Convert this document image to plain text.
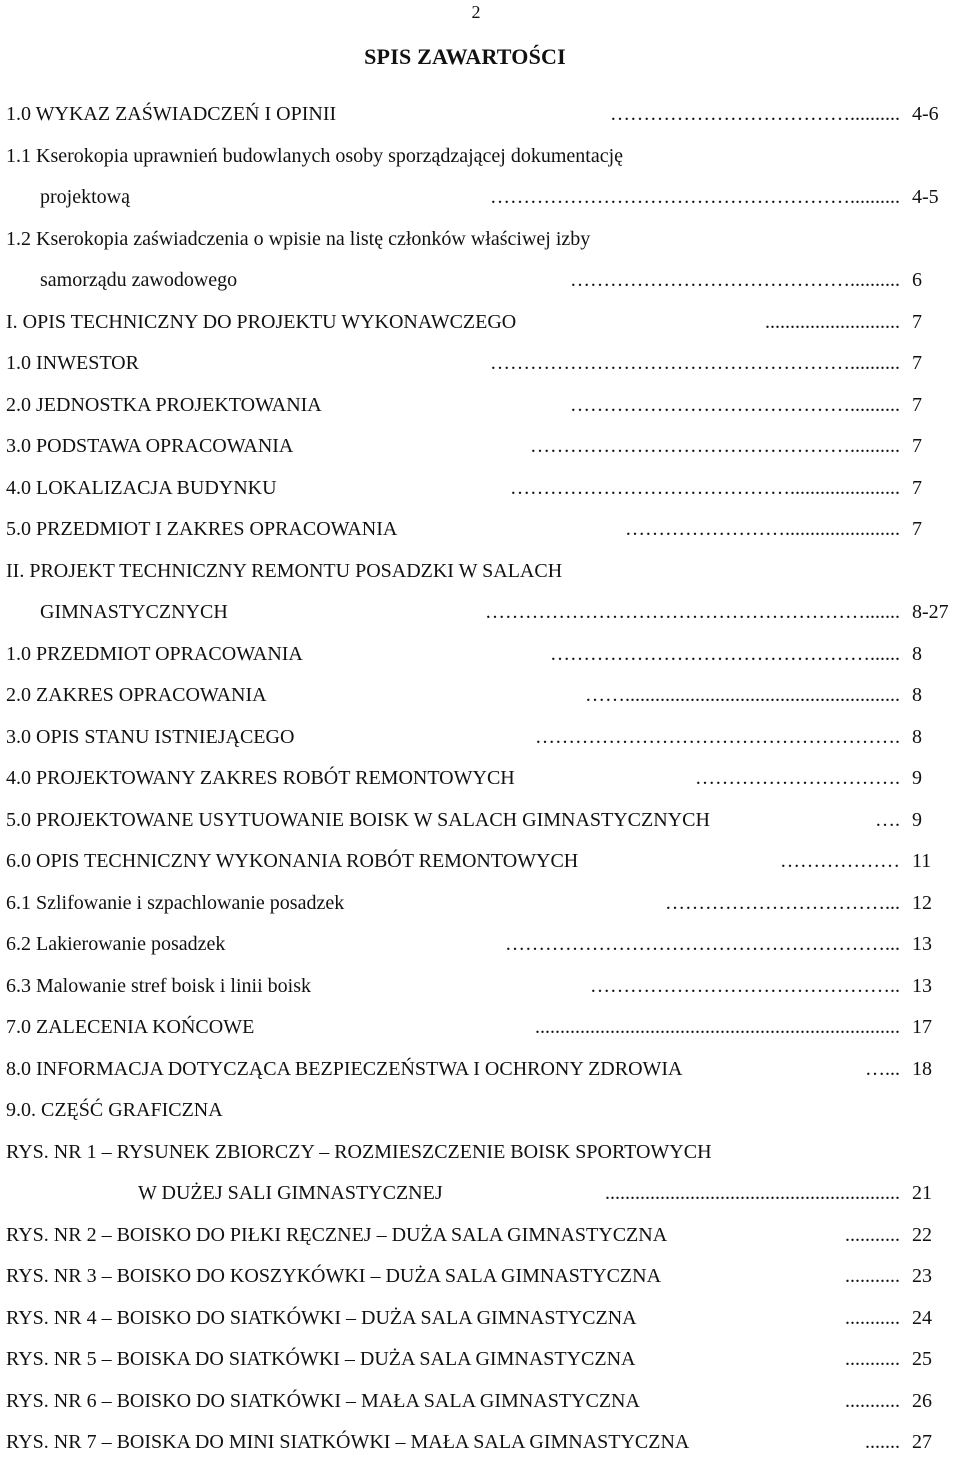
2
SPIS ZAWARTOŚCI
1.0 WYKAZ ZAŚWIADCZEŃ I OPINII	……………………………….......... 4-6
1.1 Kserokopia uprawnień budowlanych osoby sporządzającej dokumentację
projektową	……………………………………………….......... 4-5
1.2 Kserokopia zaświadczenia o wpisie na listę członków właściwej izby
samorządu zawodowego	…………………………………….......... 6
I. OPIS TECHNICZNY DO PROJEKTU WYKONAWCZEGO	........................... 7
1.0 INWESTOR	……………………………………………….......... 7
2.0 JEDNOSTKA PROJEKTOWANIA	…………………………………….......... 7
3.0 PODSTAWA OPRACOWANIA	………………………………………….......... 7
4.0 LOKALIZACJA BUDYNKU	……………………………………...................... 7
5.0 PRZEDMIOT I ZAKRES OPRACOWANIA	……………………....................... 7
II. PROJEKT TECHNICZNY REMONTU POSADZKI W SALACH
GIMNASTYCZNYCH	…………………………………………………....... 8-27
1.0 PRZEDMIOT OPRACOWANIA	…………………………………………...... 8
2.0 ZAKRES OPRACOWANIA	……....................................................... 8
3.0 OPIS STANU ISTNIEJĄCEGO	………………………………………………. 8
4.0 PROJEKTOWANY ZAKRES ROBÓT REMONTOWYCH	…………………………. 9
5.0 PROJEKTOWANE USYTUOWANIE BOISK W SALACH GIMNASTYCZNYCH	…. 9
6.0 OPIS TECHNICZNY WYKONANIA ROBÓT REMONTOWYCH	……………… 11
6.1 Szlifowanie i szpachlowanie posadzek	……………………………... 12
6.2 Lakierowanie posadzek	…………………………………………………... 13
6.3 Malowanie stref boisk i linii boisk	……………………………………….. 13
7.0 ZALECENIA KOŃCOWE	......................................................................... 17
8.0 INFORMACJA DOTYCZĄCA BEZPIECZEŃSTWA I OCHRONY ZDROWIA	…... 18
9.0. CZĘŚĆ GRAFICZNA
RYS. NR 1 – RYSUNEK ZBIORCZY – ROZMIESZCZENIE BOISK SPORTOWYCH
W DUŻEJ SALI GIMNASTYCZNEJ	........................................................... 21
RYS. NR 2 – BOISKO DO PIŁKI RĘCZNEJ – DUŻA SALA GIMNASTYCZNA	........... 22
RYS. NR 3 – BOISKO DO KOSZYKÓWKI – DUŻA SALA GIMNASTYCZNA	........... 23
RYS. NR 4 – BOISKO DO SIATKÓWKI – DUŻA SALA GIMNASTYCZNA	........... 24
RYS. NR 5 – BOISKA DO SIATKÓWKI – DUŻA SALA GIMNASTYCZNA	........... 25
RYS. NR 6 – BOISKO DO SIATKÓWKI – MAŁA SALA GIMNASTYCZNA	........... 26
RYS. NR 7 – BOISKA DO MINI SIATKÓWKI – MAŁA SALA GIMNASTYCZNA	....... 27
